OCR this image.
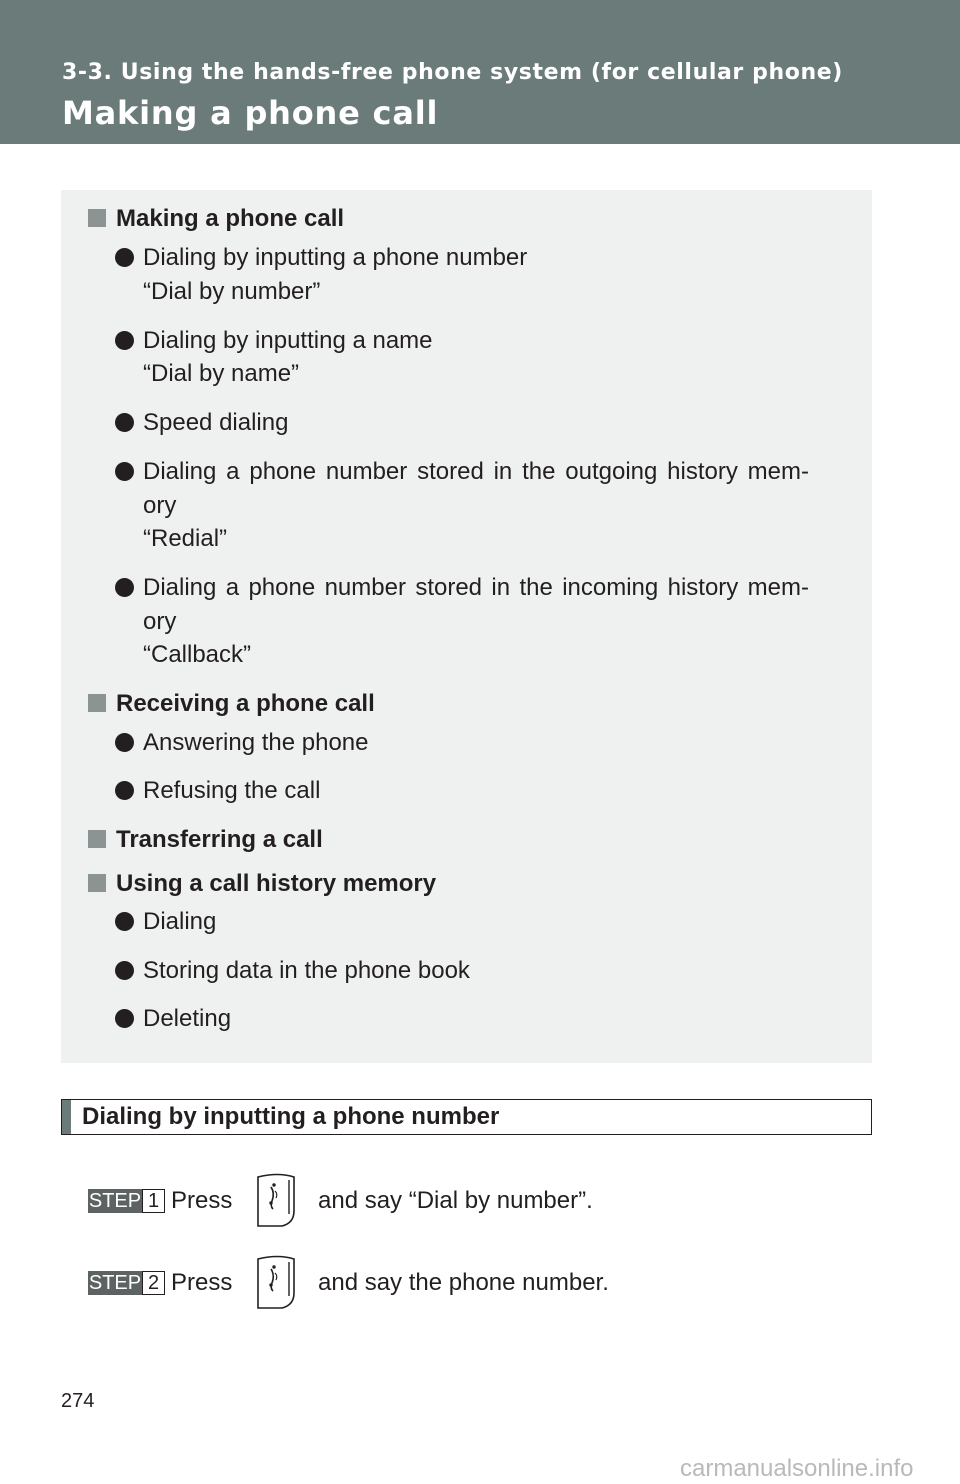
3-3. Using the hands-free phone system (for cellular phone)
Making a phone call
Making a phone call
Dialing by inputting a phone number
“Dial by number”
Dialing by inputting a name
“Dial by name”
Speed dialing
Dialing a phone number stored in the outgoing history mem-
ory
“Redial”
Dialing a phone number stored in the incoming history mem-
ory
“Callback”
Receiving a phone call
Answering the phone
Refusing the call
Transferring a call
Using a call history memory
Dialing
Storing data in the phone book
Deleting
Dialing by inputting a phone number
STEP 1 Press	and say “Dial by number”.
STEP 2 Press	and say the phone number.
274
carmanualsonline.info
